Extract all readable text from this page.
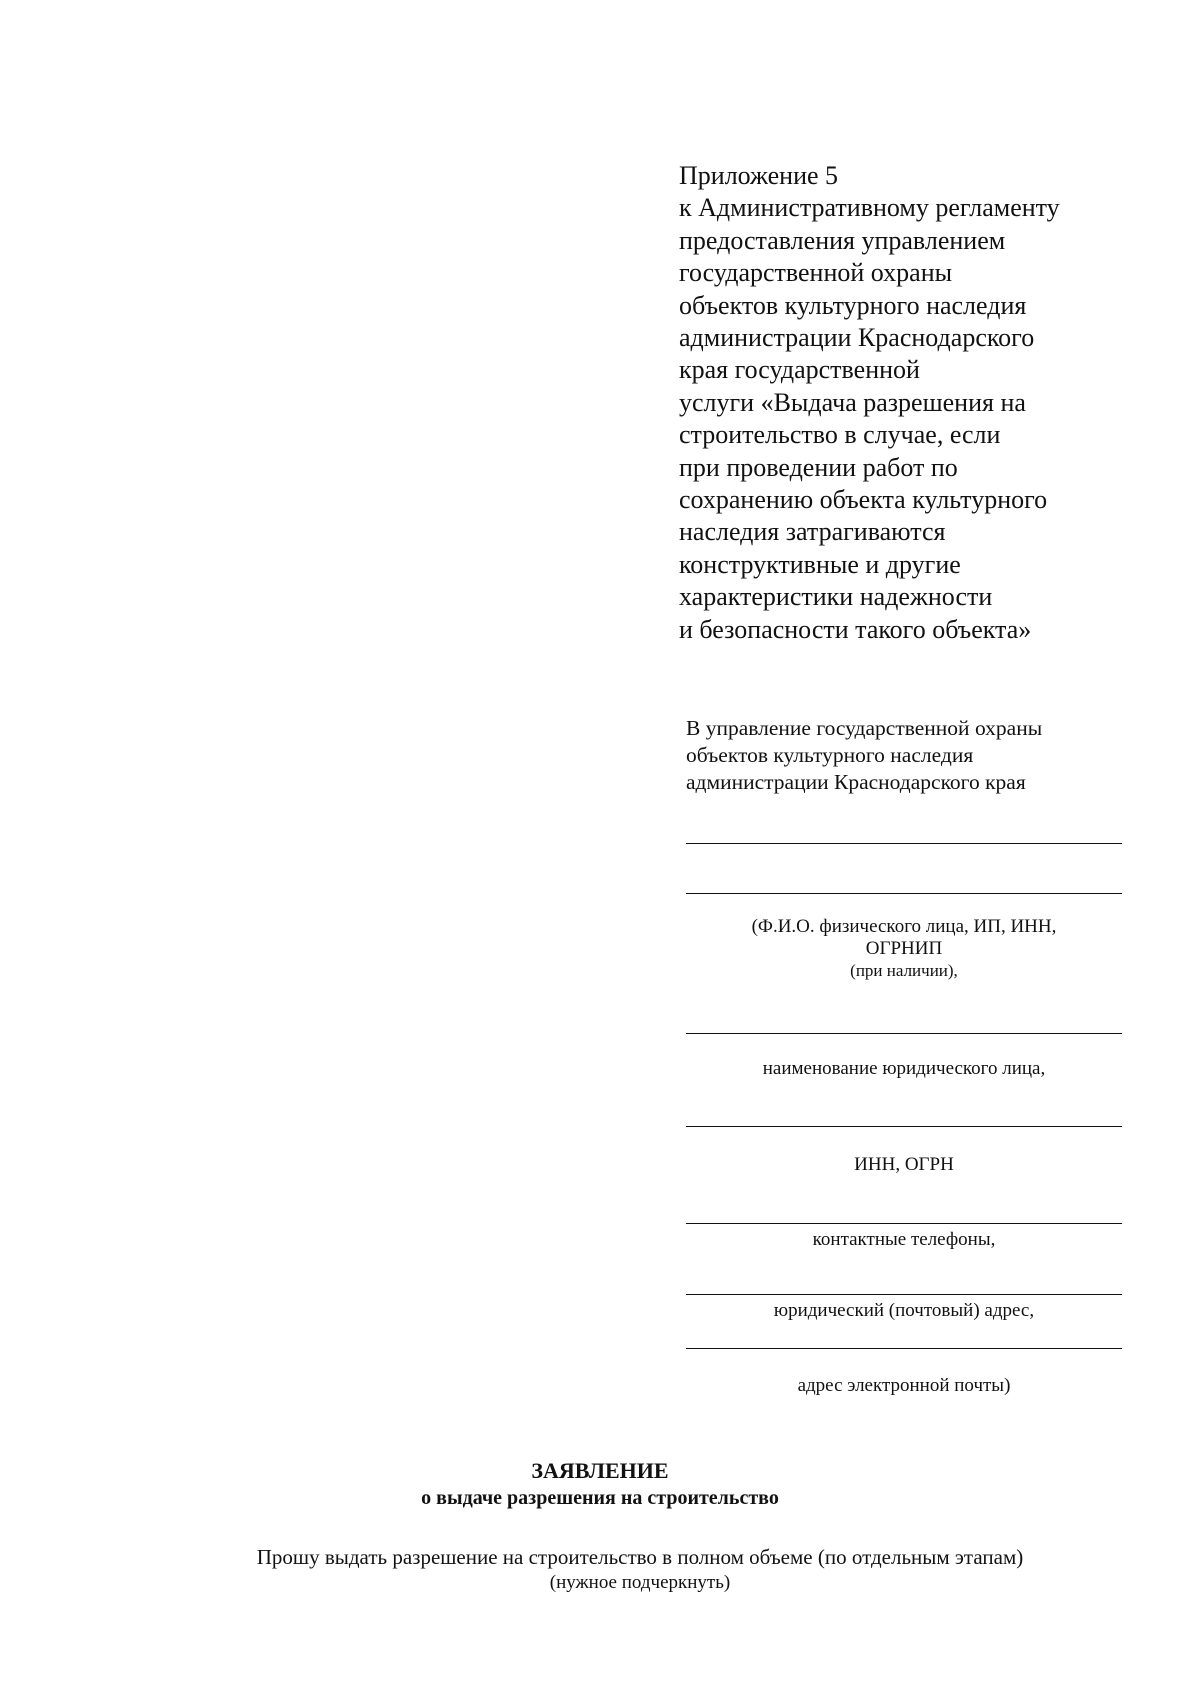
Приложение 5
к Административному регламенту
предоставления управлением
государственной охраны
объектов культурного наследия
администрации Краснодарского
края государственной
услуги «Выдача разрешения на
строительство в случае, если
при проведении работ по
сохранению объекта культурного
наследия затрагиваются
конструктивные и другие
характеристики надежности
и безопасности такого объекта»
В управление государственной охраны
объектов культурного наследия
администрации Краснодарского края
(Ф.И.О. физического лица, ИП, ИНН,
ОГРНИП
(при наличии),
наименование юридического лица,
ИНН, ОГРН
контактные телефоны,
юридический (почтовый) адрес,
адрес электронной почты)
ЗАЯВЛЕНИЕ
о выдаче разрешения на строительство
Прошу выдать разрешение на строительство в полном объеме (по отдельным этапам)
(нужное подчеркнуть)
